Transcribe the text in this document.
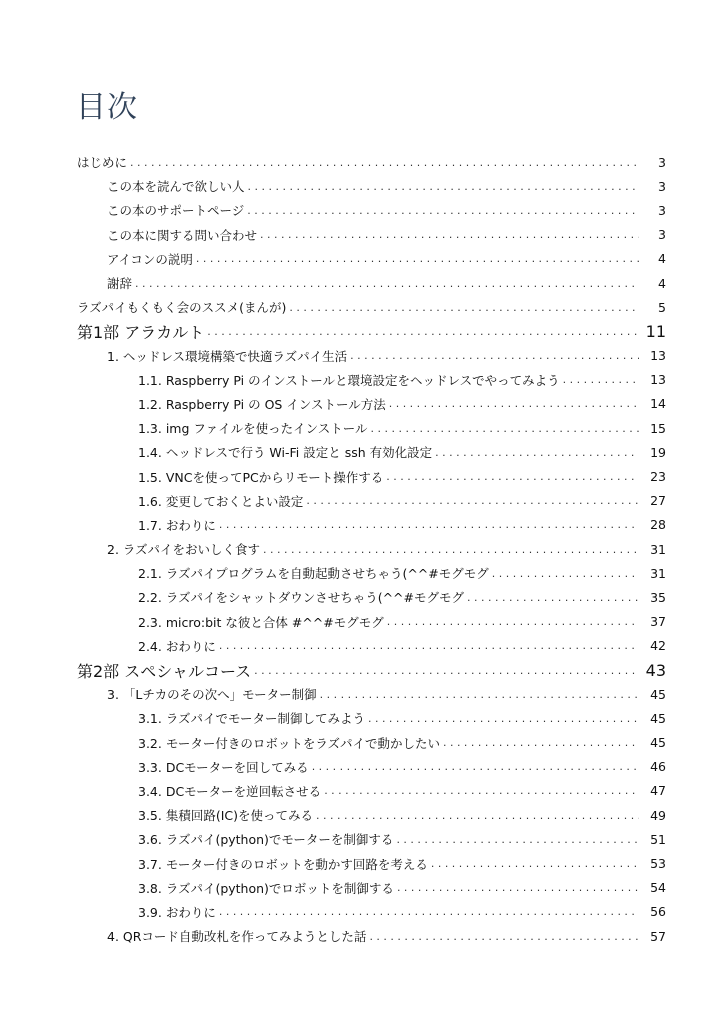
目次
はじめに . . .	3
この本を読んで欲しい人 . . .	3
この本のサポートページ . . .	3
この本に関する問い合わせ . . .	3
アイコンの説明 . . .	4
謝辞 . . .	4
ラズパイもくもく会のススメ(まんが) . . .	5
第1部 アラカルト . . .	11
1. ヘッドレス環境構築で快適ラズパイ生活 . . .	13
1.1. Raspberry Pi のインストールと環境設定をヘッドレスでやってみよう . . .	13
1.2. Raspberry Pi の OS インストール方法 . . .	14
1.3. img ファイルを使ったインストール . . .	15
1.4. ヘッドレスで行う Wi-Fi 設定と ssh 有効化設定 . . .	19
1.5. VNCを使ってPCからリモート操作する . . .	23
1.6. 変更しておくとよい設定 . . .	27
1.7. おわりに . . .	28
2. ラズパイをおいしく食す . . .	31
2.1. ラズパイプログラムを自動起動させちゃう(^^#モグモグ . . .	31
2.2. ラズパイをシャットダウンさせちゃう(^^#モグモグ . . .	35
2.3. micro:bit な彼と合体 #^^#モグモグ . . .	37
2.4. おわりに . . .	42
第2部 スペシャルコース . . .	43
3. 「Lチカのその次へ」モーター制御 . . .	45
3.1. ラズパイでモーター制御してみよう . . .	45
3.2. モーター付きのロボットをラズパイで動かしたい . . .	45
3.3. DCモーターを回してみる . . .	46
3.4. DCモーターを逆回転させる . . .	47
3.5. 集積回路(IC)を使ってみる . . .	49
3.6. ラズパイ(python)でモーターを制御する . . .	51
3.7. モーター付きのロボットを動かす回路を考える . . .	53
3.8. ラズパイ(python)でロボットを制御する . . .	54
3.9. おわりに . . .	56
4. QRコード自動改札を作ってみようとした話 . . .	57
